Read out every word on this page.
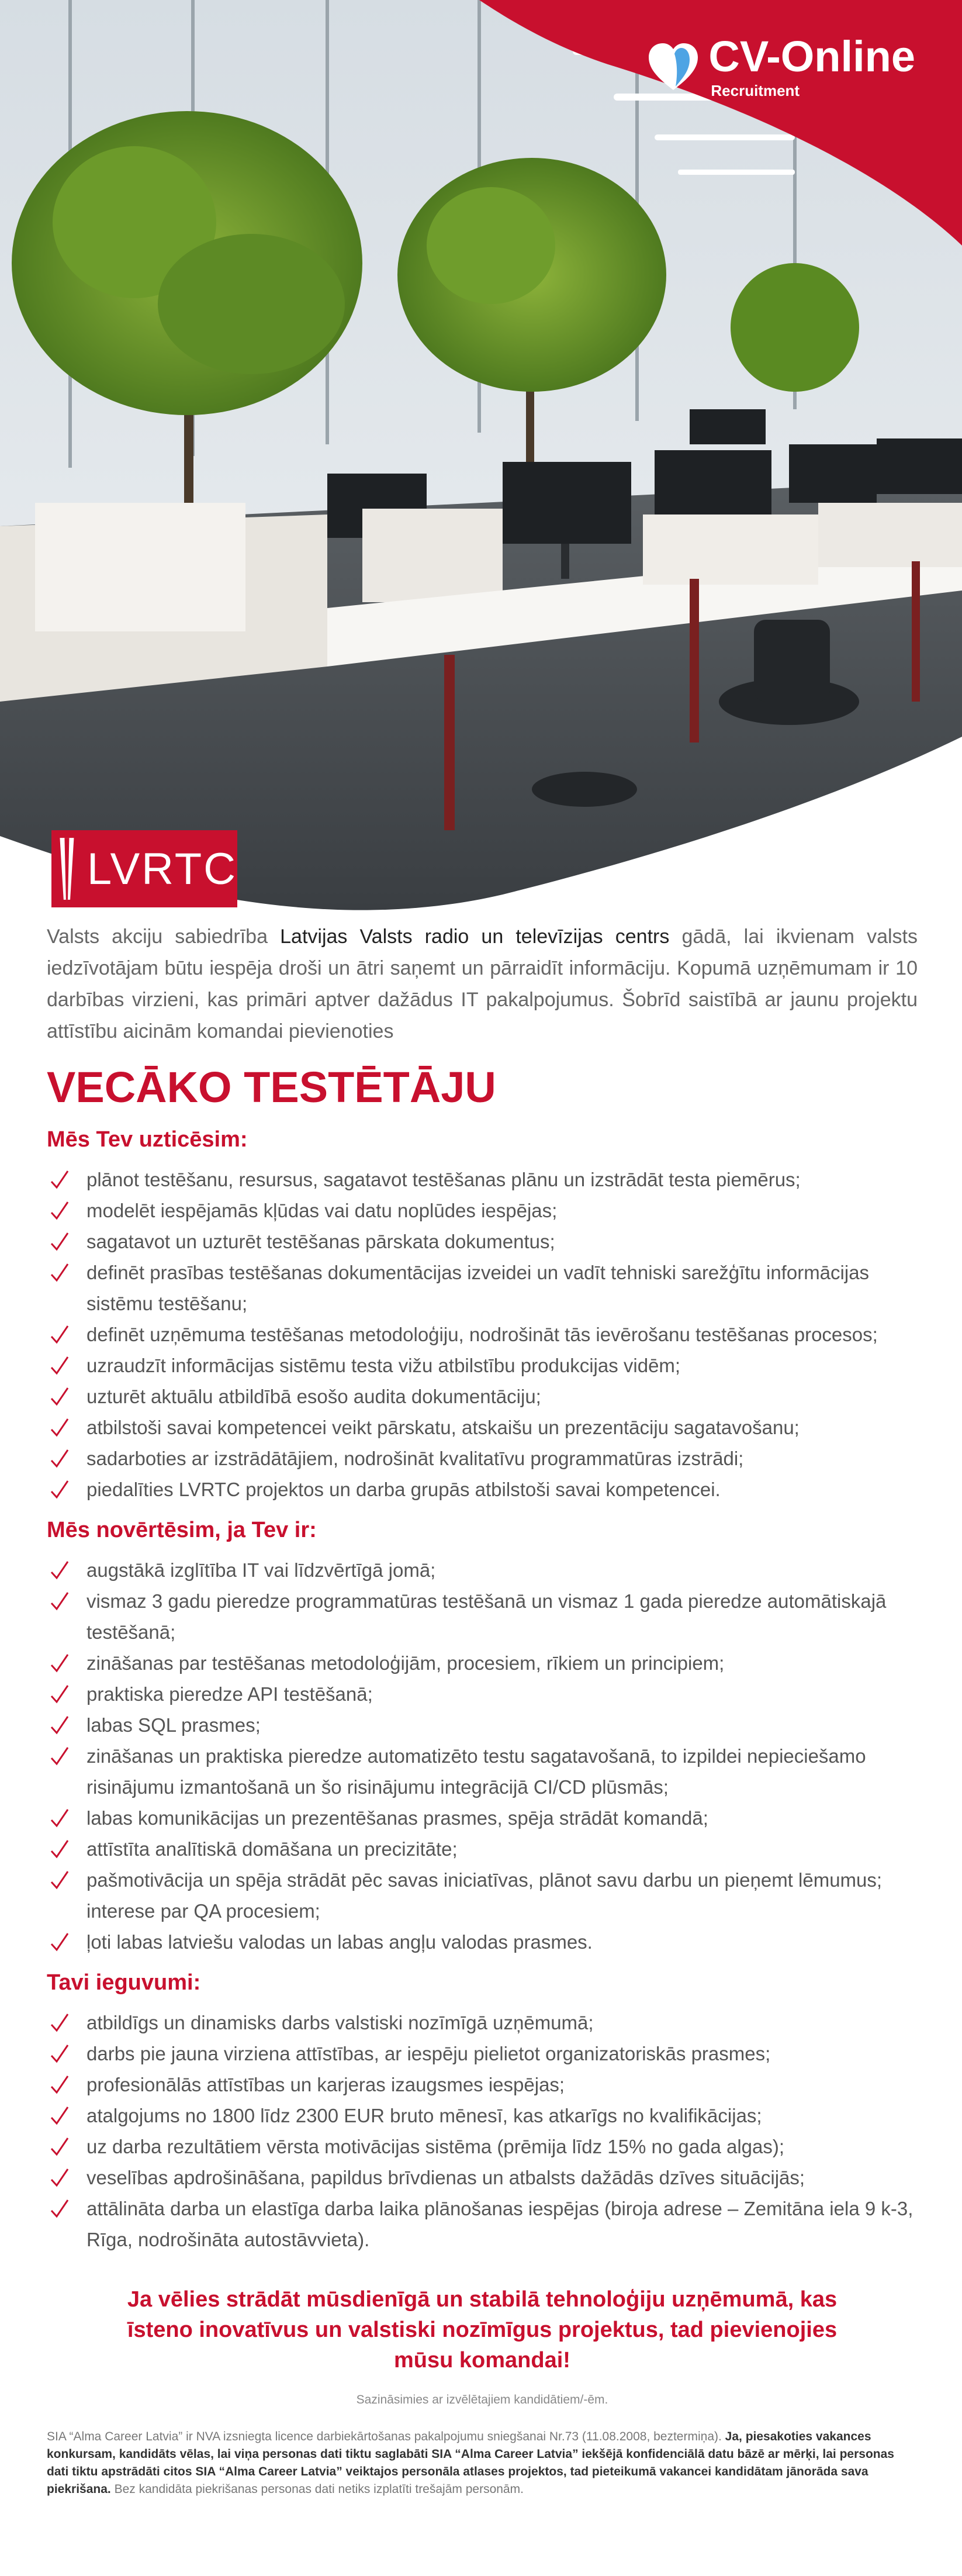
CV-Online
Recruitment
LVRTC

Valsts akciju sabiedrība Latvijas Valsts radio un televīzijas centrs gādā, lai ikvienam valsts iedzīvotājam būtu iespēja droši un ātri saņemt un pārraidīt informāciju. Kopumā uzņēmumam ir 10 darbības virzieni, kas primāri aptver dažādus IT pakalpojumus. Šobrīd saistībā ar jaunu projektu attīstību aicinām komandai pievienoties

VECĀKO TESTĒTĀJU
Mēs Tev uzticēsim:
plānot testēšanu, resursus, sagatavot testēšanas plānu un izstrādāt testa piemērus;
modelēt iespējamās kļūdas vai datu noplūdes iespējas;
sagatavot un uzturēt testēšanas pārskata dokumentus;
definēt prasības testēšanas dokumentācijas izveidei un vadīt tehniski sarežģītu informācijas sistēmu testēšanu;
definēt uzņēmuma testēšanas metodoloģiju, nodrošināt tās ievērošanu testēšanas procesos;
uzraudzīt informācijas sistēmu testa vižu atbilstību produkcijas vidēm;
uzturēt aktuālu atbildībā esošo audita dokumentāciju;
atbilstoši savai kompetencei veikt pārskatu, atskaišu un prezentāciju sagatavošanu;
sadarboties ar izstrādātājiem, nodrošināt kvalitatīvu programmatūras izstrādi;
piedalīties LVRTC projektos un darba grupās atbilstoši savai kompetencei.
Mēs novērtēsim, ja Tev ir:
augstākā izglītība IT vai līdzvērtīgā jomā;
vismaz 3 gadu pieredze programmatūras testēšanā un vismaz 1 gada pieredze automātiskajā testēšanā;
zināšanas par testēšanas metodoloģijām, procesiem, rīkiem un principiem;
praktiska pieredze API testēšanā;
labas SQL prasmes;
zināšanas un praktiska pieredze automatizēto testu sagatavošanā, to izpildei nepieciešamo risinājumu izmantošanā un šo risinājumu integrācijā CI/CD plūsmās;
labas komunikācijas un prezentēšanas prasmes, spēja strādāt komandā;
attīstīta analītiskā domāšana un precizitāte;
pašmotivācija un spēja strādāt pēc savas iniciatīvas, plānot savu darbu un pieņemt lēmumus; interese par QA procesiem;
ļoti labas latviešu valodas un labas angļu valodas prasmes.
Tavi ieguvumi:
atbildīgs un dinamisks darbs valstiski nozīmīgā uzņēmumā;
darbs pie jauna virziena attīstības, ar iespēju pielietot organizatoriskās prasmes;
profesionālās attīstības un karjeras izaugsmes iespējas;
atalgojums no 1800 līdz 2300 EUR bruto mēnesī, kas atkarīgs no kvalifikācijas;
uz darba rezultātiem vērsta motivācijas sistēma (prēmija līdz 15% no gada algas);
veselības apdrošināšana, papildus brīvdienas un atbalsts dažādās dzīves situācijās;
attālināta darba un elastīga darba laika plānošanas iespējas (biroja adrese – Zemitāna iela 9 k-3, Rīga, nodrošināta autostāvvieta).
Ja vēlies strādāt mūsdienīgā un stabilā tehnoloģiju uzņēmumā, kas īsteno inovatīvus un valstiski nozīmīgus projektus, tad pievienojies mūsu komandai!
Sazināsimies ar izvēlētajiem kandidātiem/-ēm.

SIA “Alma Career Latvia” ir NVA izsniegta licence darbiekārtošanas pakalpojumu sniegšanai Nr.73 (11.08.2008, beztermiņa). Ja, piesakoties vakances konkursam, kandidāts vēlas, lai viņa personas dati tiktu saglabāti SIA “Alma Career Latvia” iekšējā konfidenciālā datu bāzē ar mērķi, lai personas dati tiktu apstrādāti citos SIA “Alma Career Latvia” veiktajos personāla atlases projektos, tad pieteikumā vakancei kandidātam jānorāda sava piekrišana. Bez kandidāta piekrišanas personas dati netiks izplatīti trešajām personām.
